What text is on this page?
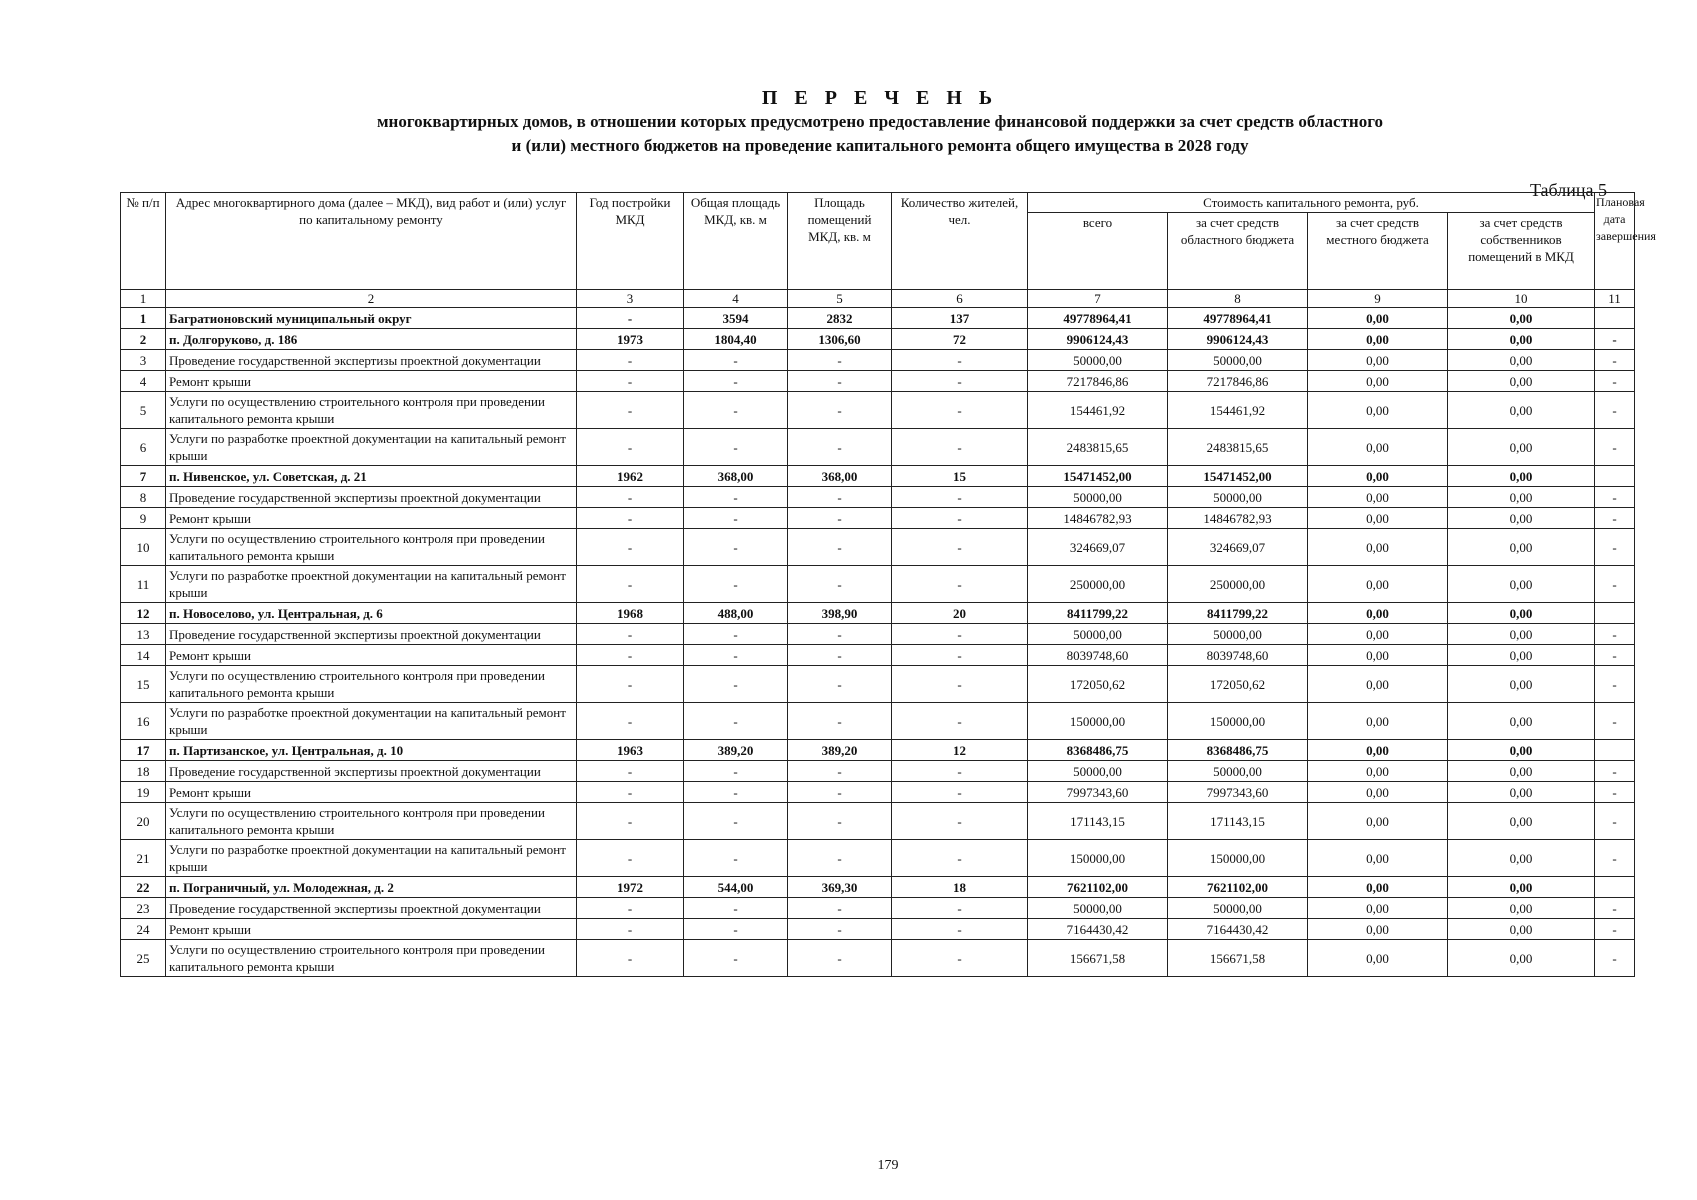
П Е Р Е Ч Е Н Ь
многоквартирных домов, в отношении которых предусмотрено предоставление финансовой поддержки за счет средств областного
и (или) местного бюджетов на проведение капитального ремонта общего имущества в 2028 году
Таблица 5
№ п/п	Адрес многоквартирного дома (далее – МКД), вид работ и (или) услуг по капитальному ремонту	Год постройки МКД	Общая площадь МКД, кв. м	Площадь помещений МКД, кв. м	Количество жителей, чел.	Стоимость капитального ремонта, руб.				Плановая дата завершения
						всего	за счет средств областного бюджета	за счет средств местного бюджета	за счет средств собственников помещений в МКД	
1	2	3	4	5	6	7	8	9	10	11
1	Багратионовский муниципальный округ	-	3594	2832	137	49778964,41	49778964,41	0,00	0,00	
2	п. Долгоруково, д. 186	1973	1804,40	1306,60	72	9906124,43	9906124,43	0,00	0,00	-
3	Проведение государственной экспертизы проектной документации	-	-	-	-	50000,00	50000,00	0,00	0,00	-
4	Ремонт крыши	-	-	-	-	7217846,86	7217846,86	0,00	0,00	-
5	Услуги по осуществлению строительного контроля при проведении капитального ремонта крыши	-	-	-	-	154461,92	154461,92	0,00	0,00	-
6	Услуги по разработке проектной документации на капитальный ремонт крыши	-	-	-	-	2483815,65	2483815,65	0,00	0,00	-
7	п. Нивенское, ул. Советская, д. 21	1962	368,00	368,00	15	15471452,00	15471452,00	0,00	0,00	
8	Проведение государственной экспертизы проектной документации	-	-	-	-	50000,00	50000,00	0,00	0,00	-
9	Ремонт крыши	-	-	-	-	14846782,93	14846782,93	0,00	0,00	-
10	Услуги по осуществлению строительного контроля при проведении капитального ремонта крыши	-	-	-	-	324669,07	324669,07	0,00	0,00	-
11	Услуги по разработке проектной документации на капитальный ремонт крыши	-	-	-	-	250000,00	250000,00	0,00	0,00	-
12	п. Новоселово, ул. Центральная, д. 6	1968	488,00	398,90	20	8411799,22	8411799,22	0,00	0,00	
13	Проведение государственной экспертизы проектной документации	-	-	-	-	50000,00	50000,00	0,00	0,00	-
14	Ремонт крыши	-	-	-	-	8039748,60	8039748,60	0,00	0,00	-
15	Услуги по осуществлению строительного контроля при проведении капитального ремонта крыши	-	-	-	-	172050,62	172050,62	0,00	0,00	-
16	Услуги по разработке проектной документации на капитальный ремонт крыши	-	-	-	-	150000,00	150000,00	0,00	0,00	-
17	п. Партизанское, ул. Центральная, д. 10	1963	389,20	389,20	12	8368486,75	8368486,75	0,00	0,00	
18	Проведение государственной экспертизы проектной документации	-	-	-	-	50000,00	50000,00	0,00	0,00	-
19	Ремонт крыши	-	-	-	-	7997343,60	7997343,60	0,00	0,00	-
20	Услуги по осуществлению строительного контроля при проведении капитального ремонта крыши	-	-	-	-	171143,15	171143,15	0,00	0,00	-
21	Услуги по разработке проектной документации на капитальный ремонт крыши	-	-	-	-	150000,00	150000,00	0,00	0,00	-
22	п. Пограничный, ул. Молодежная, д. 2	1972	544,00	369,30	18	7621102,00	7621102,00	0,00	0,00	
23	Проведение государственной экспертизы проектной документации	-	-	-	-	50000,00	50000,00	0,00	0,00	-
24	Ремонт крыши	-	-	-	-	7164430,42	7164430,42	0,00	0,00	-
25	Услуги по осуществлению строительного контроля при проведении капитального ремонта крыши	-	-	-	-	156671,58	156671,58	0,00	0,00	-
179
